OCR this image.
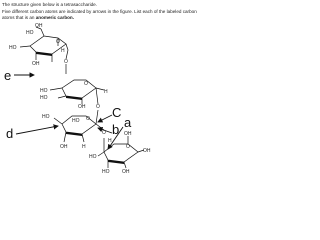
The structure given below is a tetrasaccharide.
Five different carbon atoms are indicated by arrows in the figure. List each of the labeled carbon
atoms that is an anomeric carbon.
HO
OH
HO
OH
H
O
O
HO
HO
OH
H
O
O
HO
HO
OH	H
O
O
H
HO
HO	OH
OH
O
OH
e
C
a
b
d
